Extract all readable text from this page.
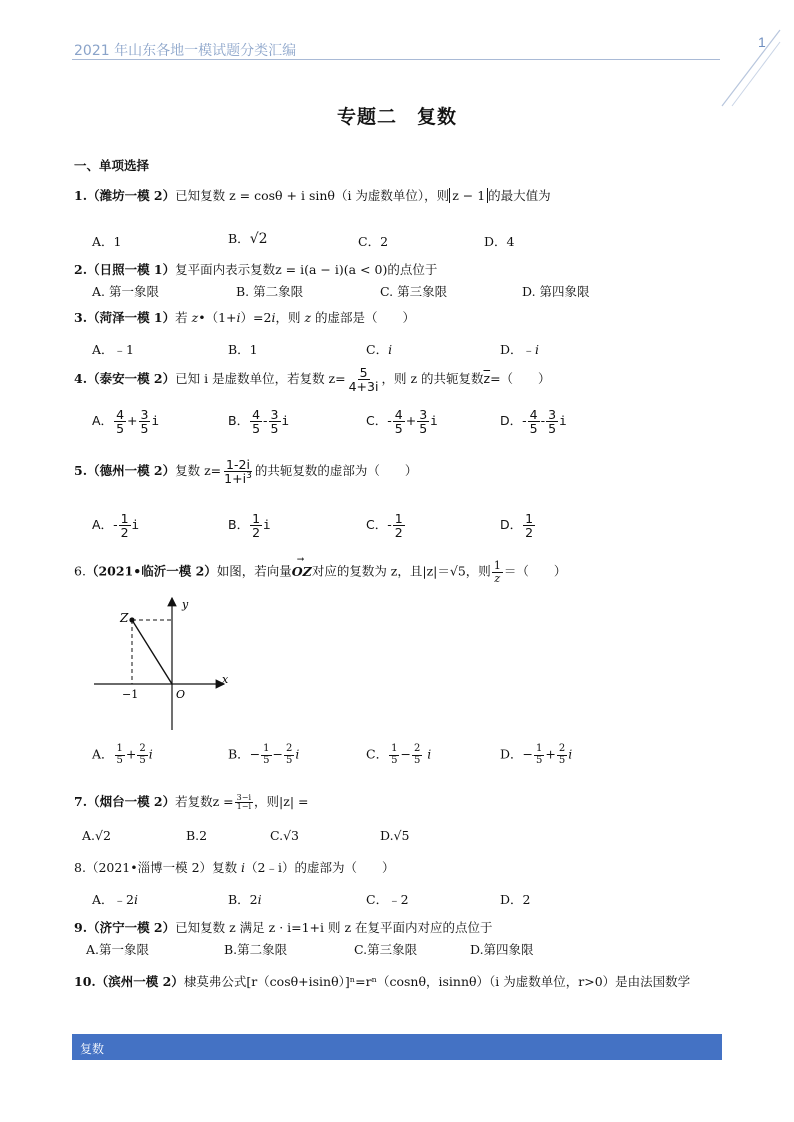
2021 年山东各地一模试题分类汇编
1
专题二　复数
一、单项选择
1.（潍坊一模 2）已知复数 z = cosθ + i sinθ（i 为虚数单位），则 z − 1 的最大值为
A．1	B．√2	C．2	D．4
2.（日照一模 1）复平面内表示复数z = i(a − i)(a < 0)的点位于
A. 第一象限	B. 第二象限	C. 第三象限	D. 第四象限
3.（菏泽一模 1）若 z•（1+i）=2i，则 z 的虚部是（　　）
A．﹣1	B．1	C．i	D．﹣i
4.（泰安一模 2）已知 i 是虚数单位，若复数 $z= \frac{5}{4+3i}$ ，则 z 的共轭复数$\overline{z}=$（　　）
A． $\frac{4}{5} + \frac{3}{5}$ i	B． $\frac{4}{5} - \frac{3}{5}$ i	C．- $\frac{4}{5} + \frac{3}{5}$ i	D．- $\frac{4}{5} - \frac{3}{5}$ i
5.（德州一模 2）复数 $z= \frac{1-2i}{1+i^3}$ 的共轭复数的虚部为（　　）
A．- $\frac{1}{2}$ i	B． $\frac{1}{2}$ i	C．- $\frac{1}{2}$	D． $\frac{1}{2}$
6.（2021•临沂一模 2）如图，若向量
→
OZ对应的复数为 z，且|z|＝√5，则 $\frac{1}{z}$ ＝（　　）
y
x
Z
O
−1
A． $\frac{1}{5} + \frac{2}{5}$ i	B．− $\frac{1}{5} - \frac{2}{5}$ i	C． $\frac{1}{5} - \frac{2}{5}$ i	D．− $\frac{1}{5} + \frac{2}{5}$ i
7.（烟台一模 2）若复数$z = \frac{3-i}{1-i}$ ，则|z| =
A.√2	B.2	C.√3	D.√5
8.（2021•淄博一模 2）复数 i（2﹣i）的虚部为（　　）
A．﹣2i	B．2i	C．﹣2	D．2
9.（济宁一模 2）已知复数 z 满足 z · i=1+i 则 z 在复平面内对应的点位于
A.第一象限	B.第二象限	C.第三象限	D.第四象限
10.（滨州一模 2）棣莫弗公式[r（cosθ+isinθ）]ⁿ=rⁿ（cosnθ，isinnθ）（i 为虚数单位，r>0）是由法国数学
复数
